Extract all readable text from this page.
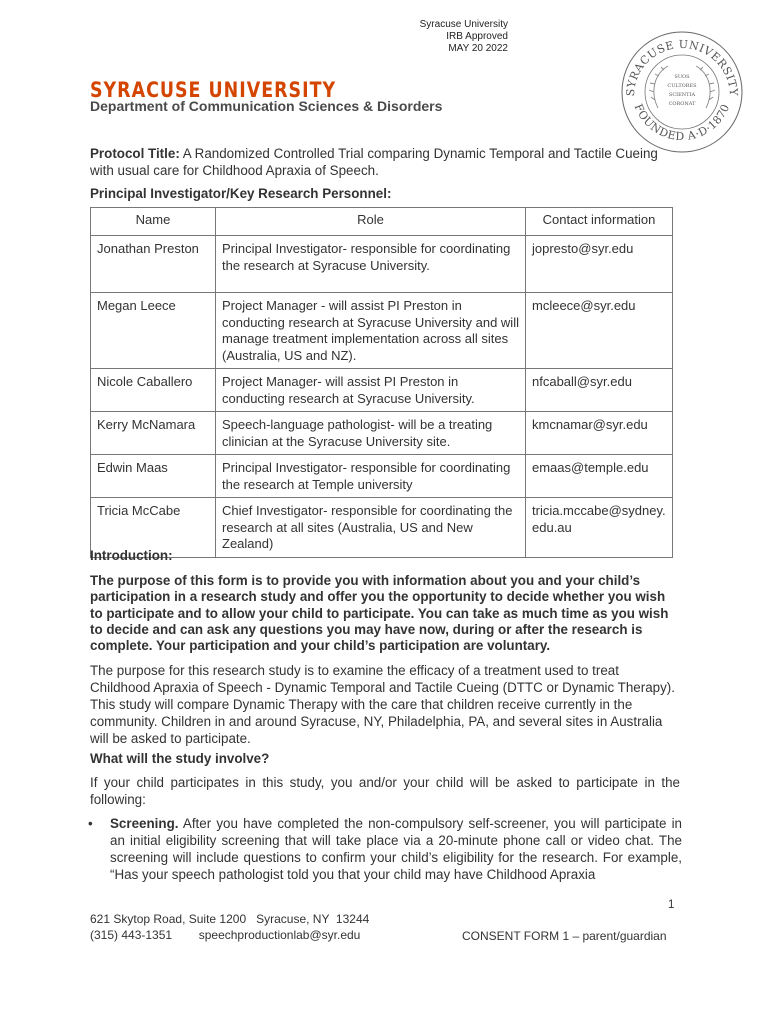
Syracuse University
IRB Approved
MAY 20 2022
SYRACUSE UNIVERSITY
FOUNDED A·D·1870
SUOS
CULTORES
SCIENTIA
CORONAT
SYRACUSE UNIVERSITY
Department of Communication Sciences & Disorders
Protocol Title: A Randomized Controlled Trial comparing Dynamic Temporal and Tactile Cueing with usual care for Childhood Apraxia of Speech.
Principal Investigator/Key Research Personnel:
Name	Role	Contact information
Jonathan Preston	Principal Investigator- responsible for coordinating the research at Syracuse University.	jopresto@syr.edu
Megan Leece	Project Manager - will assist PI Preston in conducting research at Syracuse University and will manage treatment implementation across all sites (Australia, US and NZ).	mcleece@syr.edu
Nicole Caballero	Project Manager- will assist PI Preston in conducting research at Syracuse University.	nfcaball@syr.edu
Kerry McNamara	Speech-language pathologist- will be a treating clinician at the Syracuse University site.	kmcnamar@syr.edu
Edwin Maas	Principal Investigator- responsible for coordinating the research at Temple university	emaas@temple.edu
Tricia McCabe	Chief Investigator- responsible for coordinating the research at all sites (Australia, US and New Zealand)	tricia.mccabe@sydney.edu.au
Introduction:
The purpose of this form is to provide you with information about you and your child’s participation in a research study and offer you the opportunity to decide whether you wish to participate and to allow your child to participate. You can take as much time as you wish to decide and can ask any questions you may have now, during or after the research is complete. Your participation and your child’s participation are voluntary.
The purpose for this research study is to examine the efficacy of a treatment used to treat Childhood Apraxia of Speech - Dynamic Temporal and Tactile Cueing (DTTC or Dynamic Therapy). This study will compare Dynamic Therapy with the care that children receive currently in the community. Children in and around Syracuse, NY, Philadelphia, PA, and several sites in Australia will be asked to participate.
What will the study involve?
If your child participates in this study, you and/or your child will be asked to participate in the following:
•	Screening. After you have completed the non-compulsory self-screener, you will participate in an initial eligibility screening that will take place via a 20-minute phone call or video chat. The screening will include questions to confirm your child’s eligibility for the research. For example, “Has your speech pathologist told you that your child may have Childhood Apraxia
1
621 Skytop Road, Suite 1200   Syracuse, NY  13244
(315) 443-1351 speechproductionlab@syr.edu	CONSENT FORM 1 – parent/guardian
